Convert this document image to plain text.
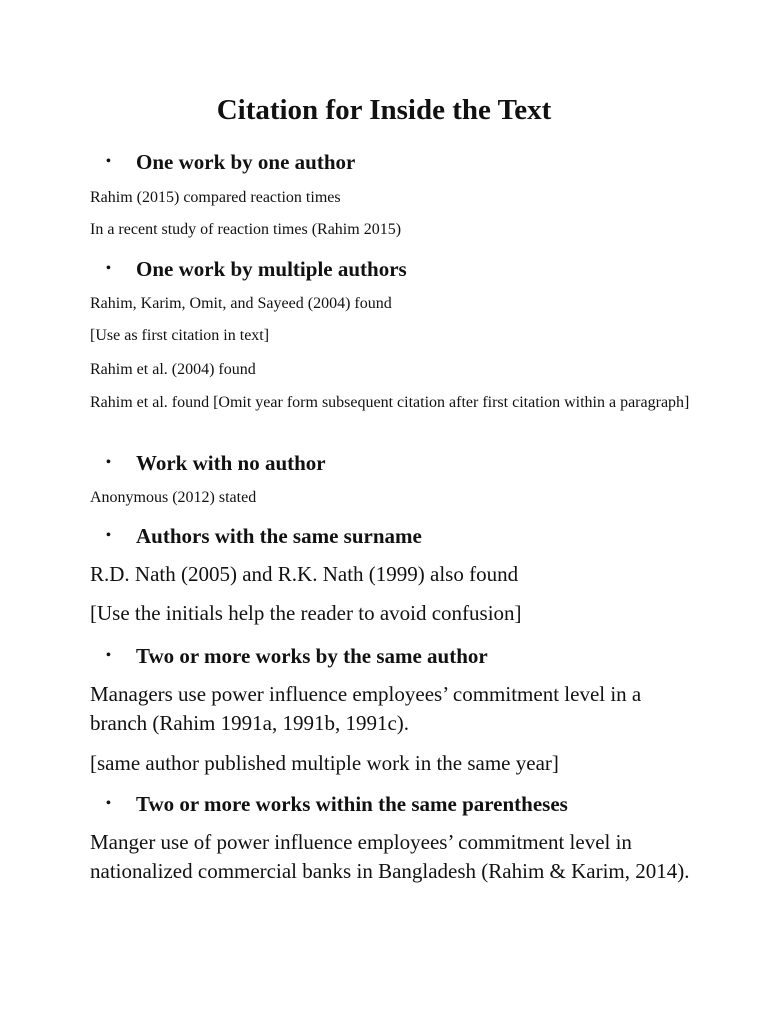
Citation for Inside the Text
• One work by one author

Rahim (2015) compared reaction times

In a recent study of reaction times (Rahim 2015)

• One work by multiple authors

Rahim, Karim, Omit, and Sayeed (2004) found

[Use as first citation in text]

Rahim et al. (2004) found

Rahim et al. found [Omit year form subsequent citation after first citation within a paragraph]

• Work with no author

Anonymous (2012) stated

• Authors with the same surname

R.D. Nath (2005) and R.K. Nath (1999) also found

[Use the initials help the reader to avoid confusion]

• Two or more works by the same author

Managers use power influence employees’ commitment level in a branch (Rahim 1991a, 1991b, 1991c).

[same author published multiple work in the same year]

• Two or more works within the same parentheses

Manger use of power influence employees’ commitment level in nationalized commercial banks in Bangladesh (Rahim & Karim, 2014).
